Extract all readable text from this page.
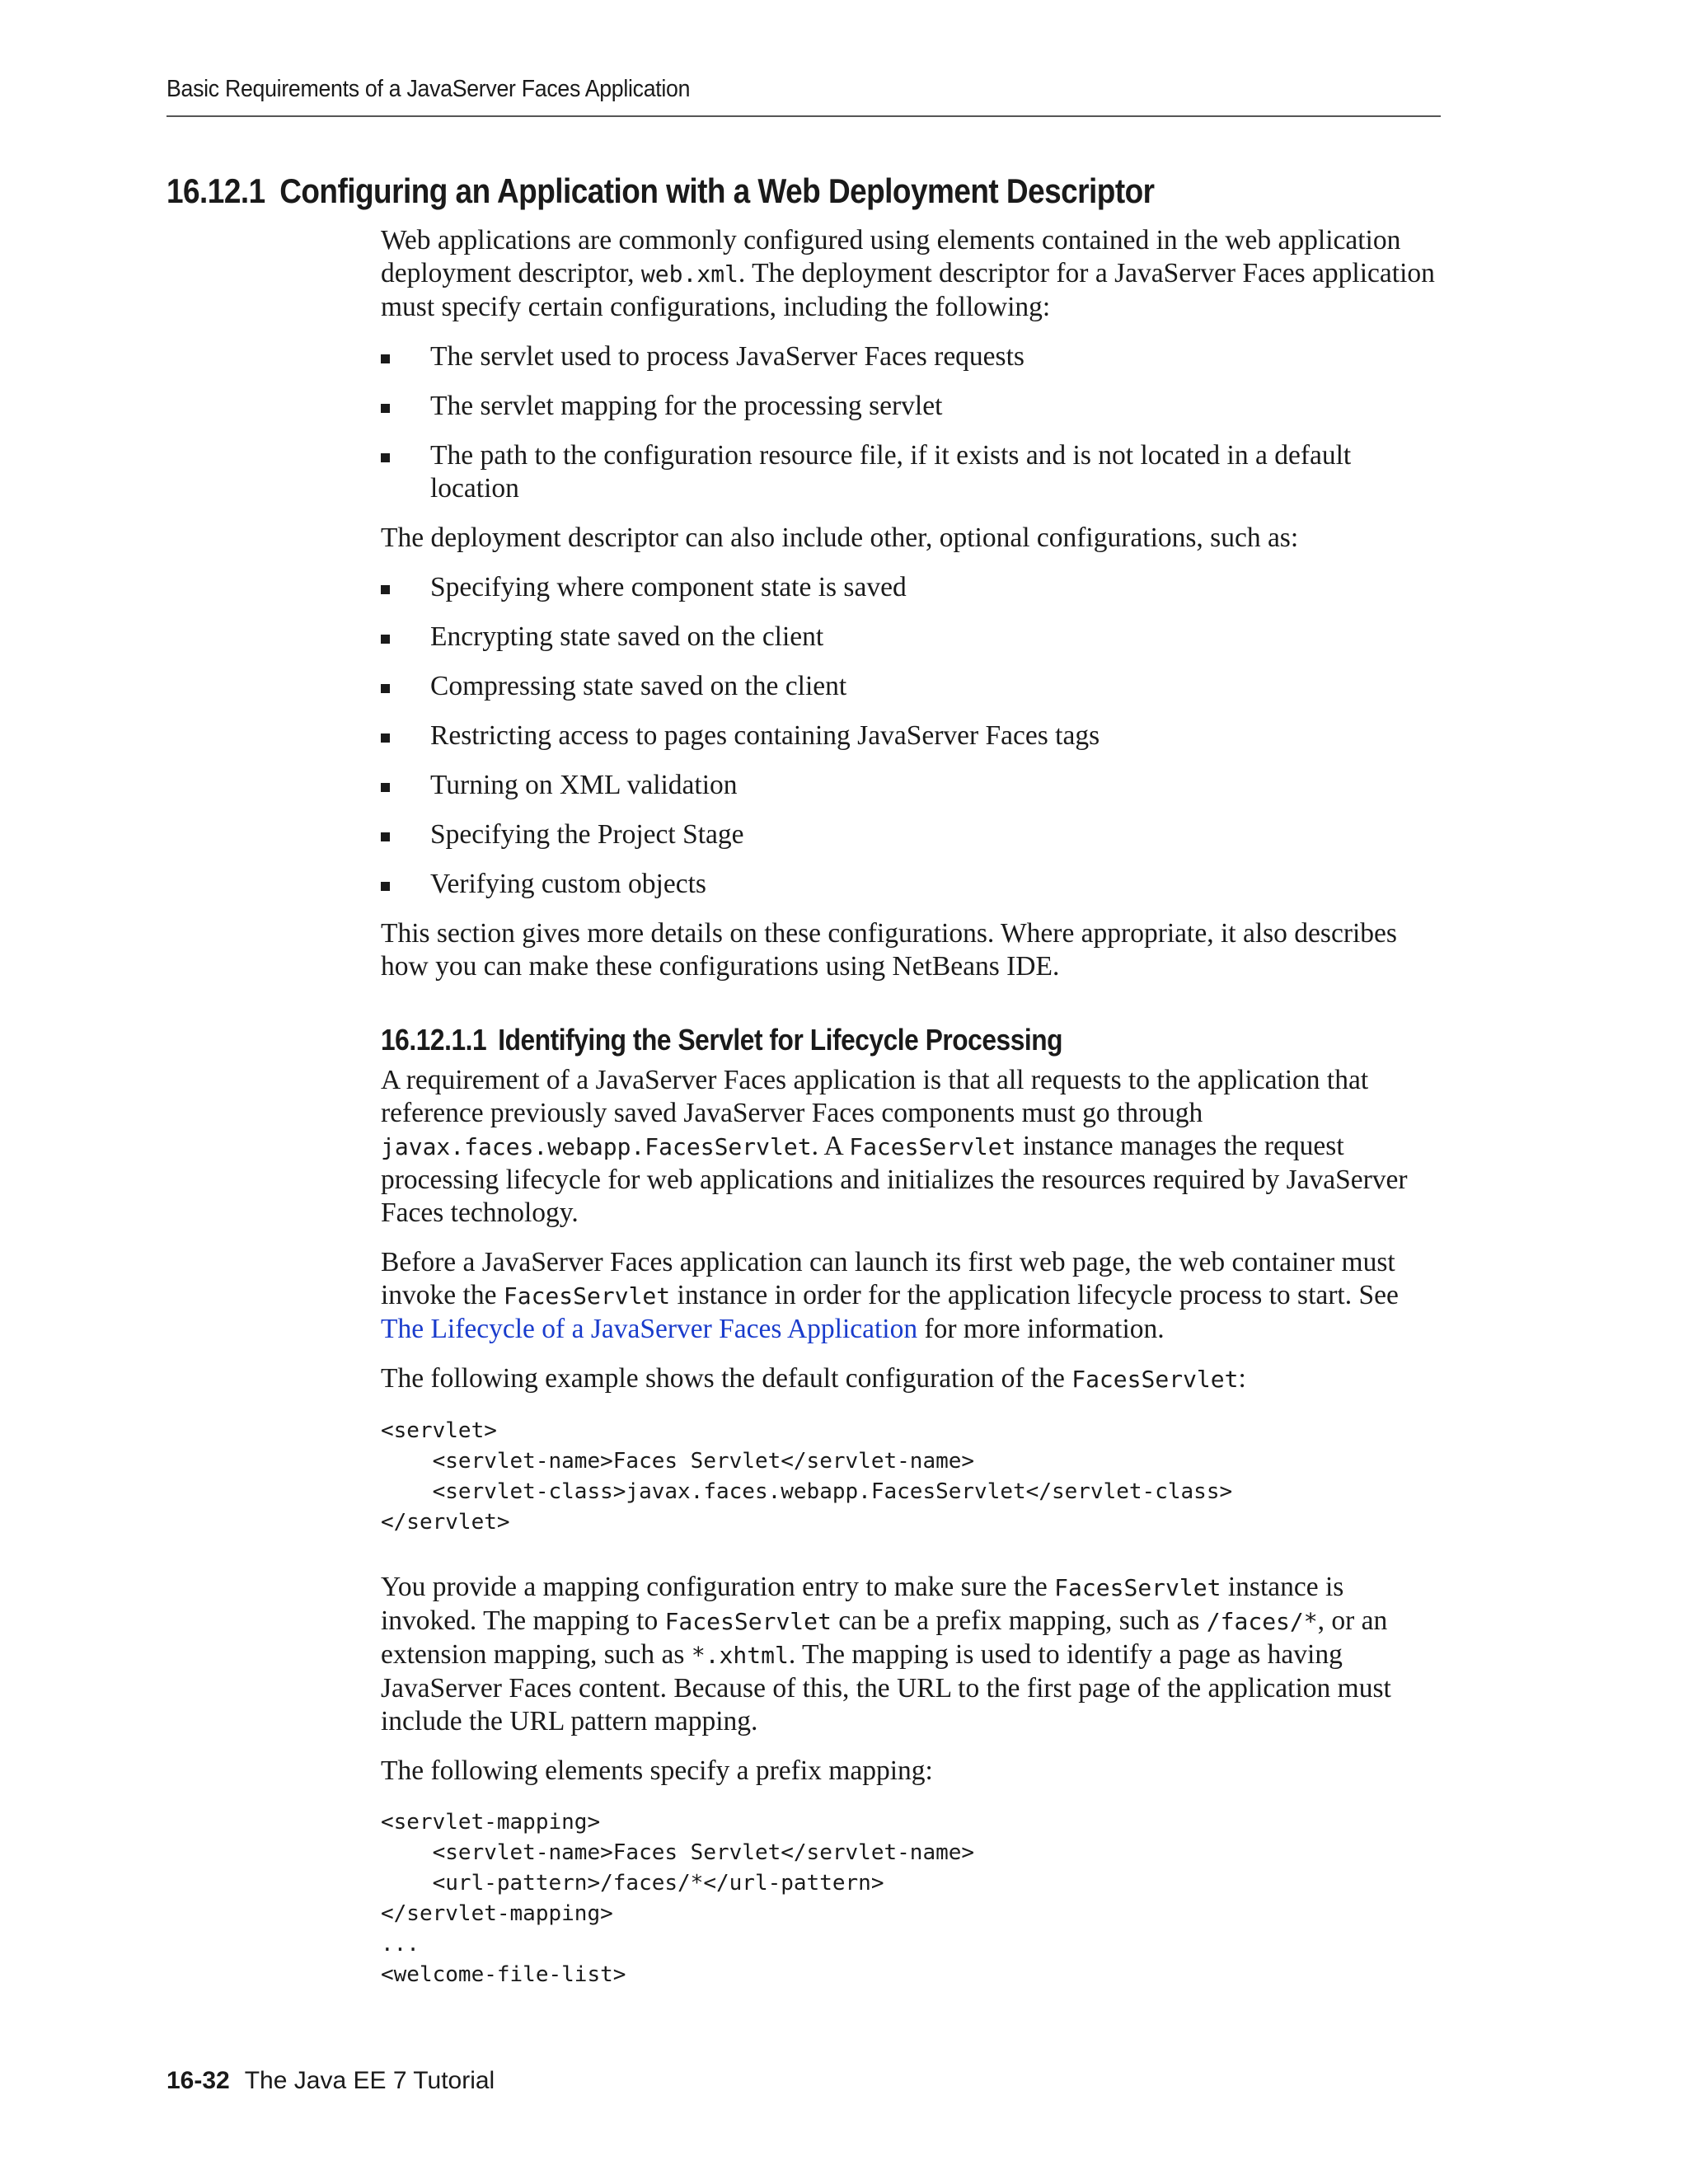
Basic Requirements of a JavaServer Faces Application
16.12.1 Configuring an Application with a Web Deployment Descriptor

Web applications are commonly configured using elements contained in the web application deployment descriptor, web.xml. The deployment descriptor for a JavaServer Faces application must specify certain configurations, including the following:

The servlet used to process JavaServer Faces requests
The servlet mapping for the processing servlet
The path to the configuration resource file, if it exists and is not located in a default location

The deployment descriptor can also include other, optional configurations, such as:

Specifying where component state is saved
Encrypting state saved on the client
Compressing state saved on the client
Restricting access to pages containing JavaServer Faces tags
Turning on XML validation
Specifying the Project Stage
Verifying custom objects

This section gives more details on these configurations. Where appropriate, it also describes how you can make these configurations using NetBeans IDE.

16.12.1.1 Identifying the Servlet for Lifecycle Processing

A requirement of a JavaServer Faces application is that all requests to the application that reference previously saved JavaServer Faces components must go through javax.faces.webapp.FacesServlet. A FacesServlet instance manages the request processing lifecycle for web applications and initializes the resources required by JavaServer Faces technology.

Before a JavaServer Faces application can launch its first web page, the web container must invoke the FacesServlet instance in order for the application lifecycle process to start. See The Lifecycle of a JavaServer Faces Application for more information.

The following example shows the default configuration of the FacesServlet:

<servlet>
<servlet-name>Faces Servlet</servlet-name>
<servlet-class>javax.faces.webapp.FacesServlet</servlet-class>
</servlet>

You provide a mapping configuration entry to make sure the FacesServlet instance is invoked. The mapping to FacesServlet can be a prefix mapping, such as /faces/*, or an extension mapping, such as *.xhtml. The mapping is used to identify a page as having JavaServer Faces content. Because of this, the URL to the first page of the application must include the URL pattern mapping.

The following elements specify a prefix mapping:

<servlet-mapping>
<servlet-name>Faces Servlet</servlet-name>
<url-pattern>/faces/*</url-pattern>
</servlet-mapping>
...
<welcome-file-list>
16-32 The Java EE 7 Tutorial
